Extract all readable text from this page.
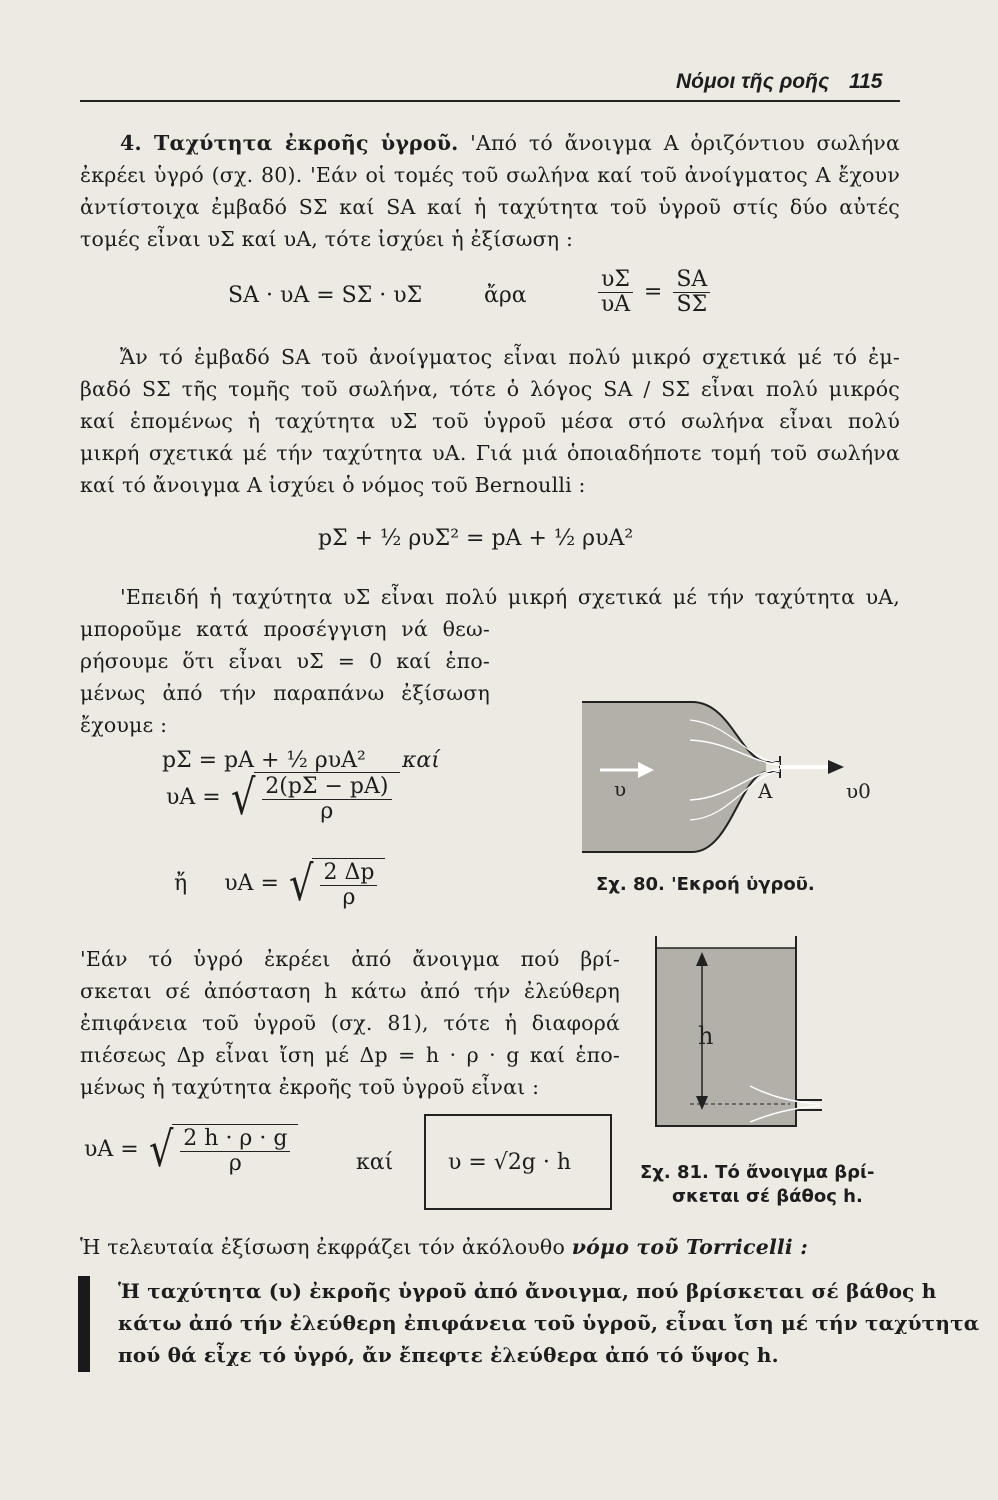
Νόμοι τῆς ροῆς 115
4. Ταχύτητα ἐκροῆς ὑγροῦ. 'Από τό ἄνοιγμα Α ὁριζόντιου σωλήνα
ἐκρέει ὑγρό (σχ. 80). 'Εάν οἱ τομές τοῦ σωλήνα καί τοῦ ἀνοίγματος Α ἔχουν
ἀντίστοιχα ἐμβαδό SΣ καί SA καί ἡ ταχύτητα τοῦ ὑγροῦ στίς δύο αὐτές
τομές εἶναι υΣ καί υA, τότε ἰσχύει ἡ ἐξίσωση :
SA · υA = SΣ · υΣ	ἄρα	$\frac{\upsilon\Sigma}{\upsilon A} = \frac{SA}{S\Sigma}$
Ἄν τό ἐμβαδό SA τοῦ ἀνοίγματος εἶναι πολύ μικρό σχετικά μέ τό ἐμ-
βαδό SΣ τῆς τομῆς τοῦ σωλήνα, τότε ὁ λόγος SA / SΣ εἶναι πολύ μικρός
καί ἑπομένως ἡ ταχύτητα υΣ τοῦ ὑγροῦ μέσα στό σωλήνα εἶναι πολύ
μικρή σχετικά μέ τήν ταχύτητα υA. Γιά μιά ὁποιαδήποτε τομή τοῦ σωλήνα
καί τό ἄνοιγμα Α ἰσχύει ὁ νόμος τοῦ Bernoulli :
pΣ + ½ ρυΣ² = pA + ½ ρυA²
'Επειδή ἡ ταχύτητα υΣ εἶναι πολύ μικρή σχετικά μέ τήν ταχύτητα υA,
μποροῦμε κατά προσέγγιση νά θεω-
ρήσουμε ὅτι εἶναι υΣ = 0 καί ἑπο-
μένως ἀπό τήν παραπάνω ἐξίσωση
ἔχουμε :
pΣ = pA + ½ ρυA² καί
υA = √ $\frac{2(p\Sigma - pA)}{\rho}$
ἤ υA = √ $\frac{2 \Delta p}{\rho}$
υ	A	υ0
Σχ. 80. 'Εκροή ὑγροῦ.
'Εάν τό ὑγρό ἐκρέει ἀπό ἄνοιγμα πού βρί-
σκεται σέ ἀπόσταση h κάτω ἀπό τήν ἐλεύθερη
ἐπιφάνεια τοῦ ὑγροῦ (σχ. 81), τότε ἡ διαφορά
πιέσεως Δp εἶναι ἴση μέ Δp = h · ρ · g καί ἑπο-
μένως ἡ ταχύτητα ἐκροῆς τοῦ ὑγροῦ εἶναι :
υA = √ $\frac{2 h \cdot \rho \cdot g}{\rho}$	καί υ = √2g · h
h
Σχ. 81. Τό ἄνοιγμα βρί-
σκεται σέ βάθος h.
Ἡ τελευταία ἐξίσωση ἐκφράζει τόν ἀκόλουθο νόμο τοῦ Torricelli :
Ἡ ταχύτητα (υ) ἐκροῆς ὑγροῦ ἀπό ἄνοιγμα, πού βρίσκεται σέ βάθος h
κάτω ἀπό τήν ἐλεύθερη ἐπιφάνεια τοῦ ὑγροῦ, εἶναι ἴση μέ τήν ταχύτητα
πού θά εἶχε τό ὑγρό, ἄν ἔπεφτε ἐλεύθερα ἀπό τό ὕψος h.
